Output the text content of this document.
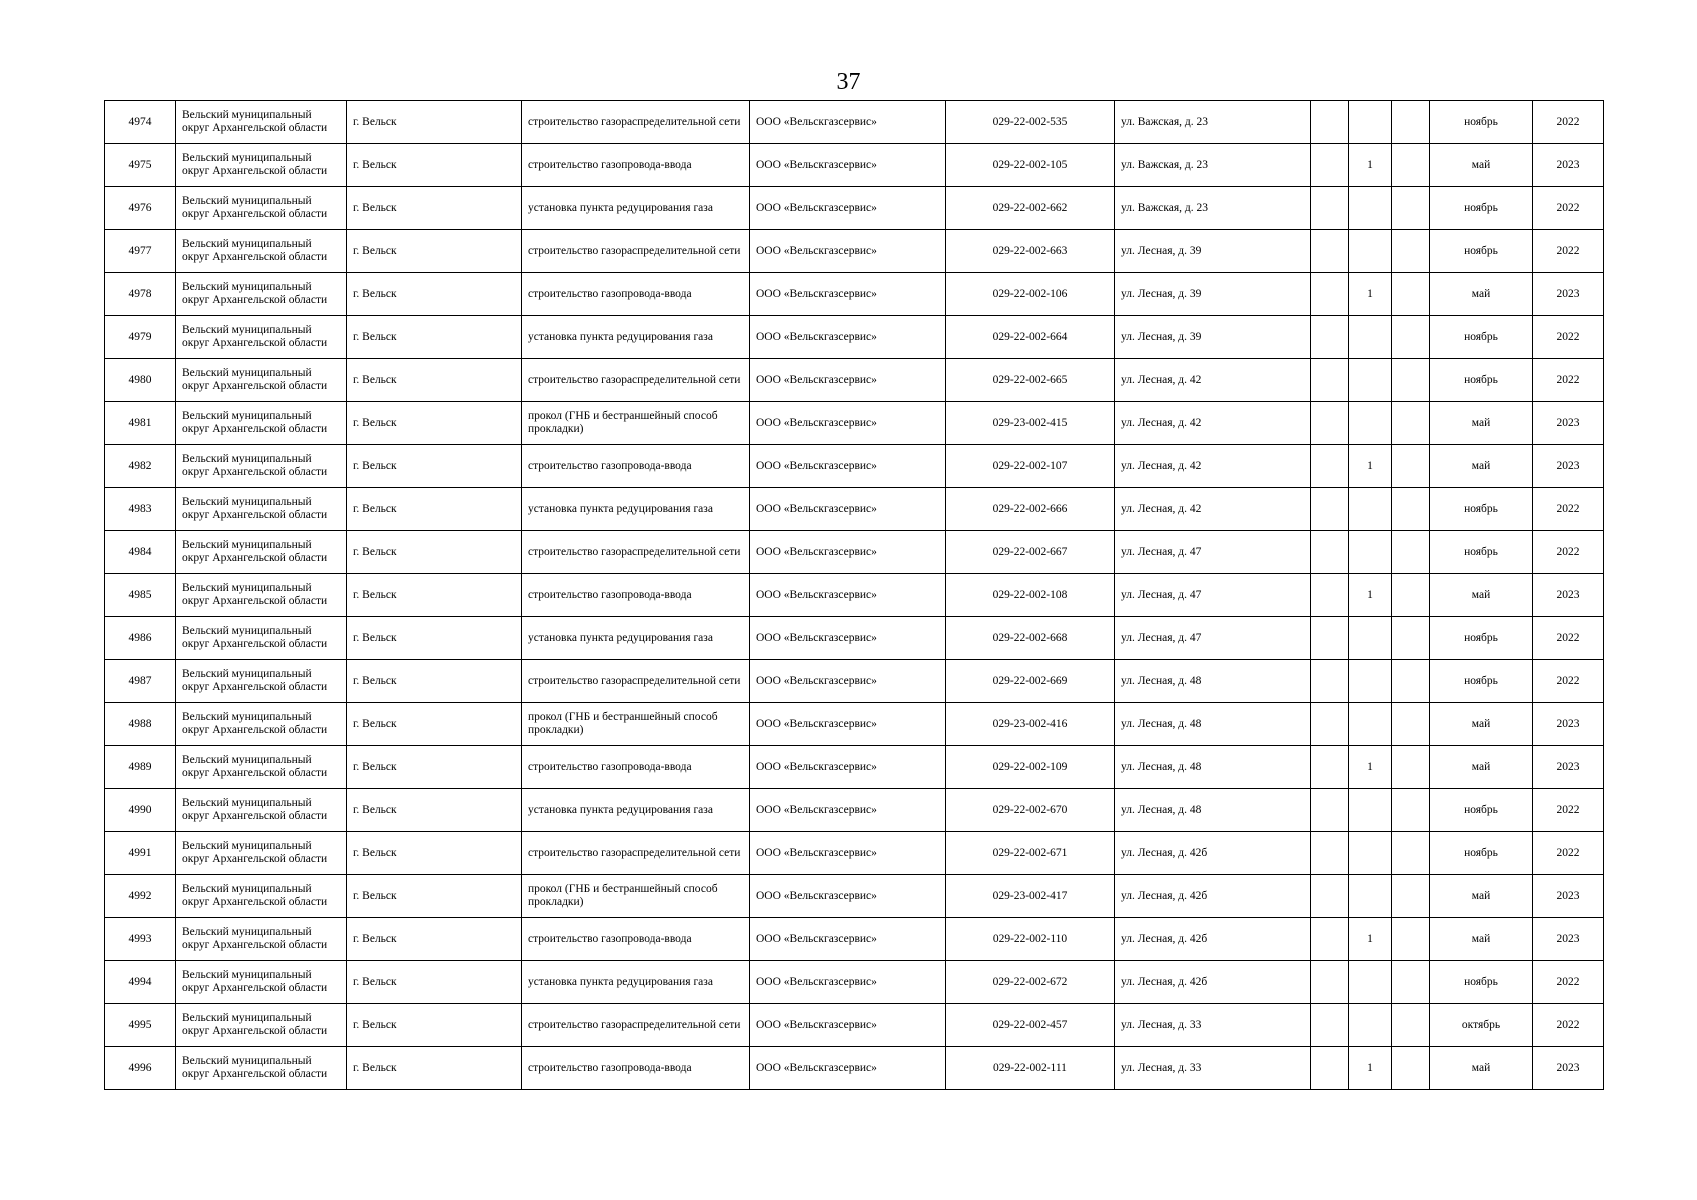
37
4974	Вельский муниципальный округ Архангельской области	г. Вельск	строительство газораспределительной сети	ООО «Вельскгазсервис»	029-22-002-535	ул. Важская, д. 23				ноябрь	2022
4975	Вельский муниципальный округ Архангельской области	г. Вельск	строительство газопровода-ввода	ООО «Вельскгазсервис»	029-22-002-105	ул. Важская, д. 23		1		май	2023
4976	Вельский муниципальный округ Архангельской области	г. Вельск	установка пункта редуцирования газа	ООО «Вельскгазсервис»	029-22-002-662	ул. Важская, д. 23				ноябрь	2022
4977	Вельский муниципальный округ Архангельской области	г. Вельск	строительство газораспределительной сети	ООО «Вельскгазсервис»	029-22-002-663	ул. Лесная, д. 39				ноябрь	2022
4978	Вельский муниципальный округ Архангельской области	г. Вельск	строительство газопровода-ввода	ООО «Вельскгазсервис»	029-22-002-106	ул. Лесная, д. 39		1		май	2023
4979	Вельский муниципальный округ Архангельской области	г. Вельск	установка пункта редуцирования газа	ООО «Вельскгазсервис»	029-22-002-664	ул. Лесная, д. 39				ноябрь	2022
4980	Вельский муниципальный округ Архангельской области	г. Вельск	строительство газораспределительной сети	ООО «Вельскгазсервис»	029-22-002-665	ул. Лесная, д. 42				ноябрь	2022
4981	Вельский муниципальный округ Архангельской области	г. Вельск	прокол (ГНБ и бестраншейный способ прокладки)	ООО «Вельскгазсервис»	029-23-002-415	ул. Лесная, д. 42				май	2023
4982	Вельский муниципальный округ Архангельской области	г. Вельск	строительство газопровода-ввода	ООО «Вельскгазсервис»	029-22-002-107	ул. Лесная, д. 42		1		май	2023
4983	Вельский муниципальный округ Архангельской области	г. Вельск	установка пункта редуцирования газа	ООО «Вельскгазсервис»	029-22-002-666	ул. Лесная, д. 42				ноябрь	2022
4984	Вельский муниципальный округ Архангельской области	г. Вельск	строительство газораспределительной сети	ООО «Вельскгазсервис»	029-22-002-667	ул. Лесная, д. 47				ноябрь	2022
4985	Вельский муниципальный округ Архангельской области	г. Вельск	строительство газопровода-ввода	ООО «Вельскгазсервис»	029-22-002-108	ул. Лесная, д. 47		1		май	2023
4986	Вельский муниципальный округ Архангельской области	г. Вельск	установка пункта редуцирования газа	ООО «Вельскгазсервис»	029-22-002-668	ул. Лесная, д. 47				ноябрь	2022
4987	Вельский муниципальный округ Архангельской области	г. Вельск	строительство газораспределительной сети	ООО «Вельскгазсервис»	029-22-002-669	ул. Лесная, д. 48				ноябрь	2022
4988	Вельский муниципальный округ Архангельской области	г. Вельск	прокол (ГНБ и бестраншейный способ прокладки)	ООО «Вельскгазсервис»	029-23-002-416	ул. Лесная, д. 48				май	2023
4989	Вельский муниципальный округ Архангельской области	г. Вельск	строительство газопровода-ввода	ООО «Вельскгазсервис»	029-22-002-109	ул. Лесная, д. 48		1		май	2023
4990	Вельский муниципальный округ Архангельской области	г. Вельск	установка пункта редуцирования газа	ООО «Вельскгазсервис»	029-22-002-670	ул. Лесная, д. 48				ноябрь	2022
4991	Вельский муниципальный округ Архангельской области	г. Вельск	строительство газораспределительной сети	ООО «Вельскгазсервис»	029-22-002-671	ул. Лесная, д. 42б				ноябрь	2022
4992	Вельский муниципальный округ Архангельской области	г. Вельск	прокол (ГНБ и бестраншейный способ прокладки)	ООО «Вельскгазсервис»	029-23-002-417	ул. Лесная, д. 42б				май	2023
4993	Вельский муниципальный округ Архангельской области	г. Вельск	строительство газопровода-ввода	ООО «Вельскгазсервис»	029-22-002-110	ул. Лесная, д. 42б		1		май	2023
4994	Вельский муниципальный округ Архангельской области	г. Вельск	установка пункта редуцирования газа	ООО «Вельскгазсервис»	029-22-002-672	ул. Лесная, д. 42б				ноябрь	2022
4995	Вельский муниципальный округ Архангельской области	г. Вельск	строительство газораспределительной сети	ООО «Вельскгазсервис»	029-22-002-457	ул. Лесная, д. 33				октябрь	2022
4996	Вельский муниципальный округ Архангельской области	г. Вельск	строительство газопровода-ввода	ООО «Вельскгазсервис»	029-22-002-111	ул. Лесная, д. 33		1		май	2023
